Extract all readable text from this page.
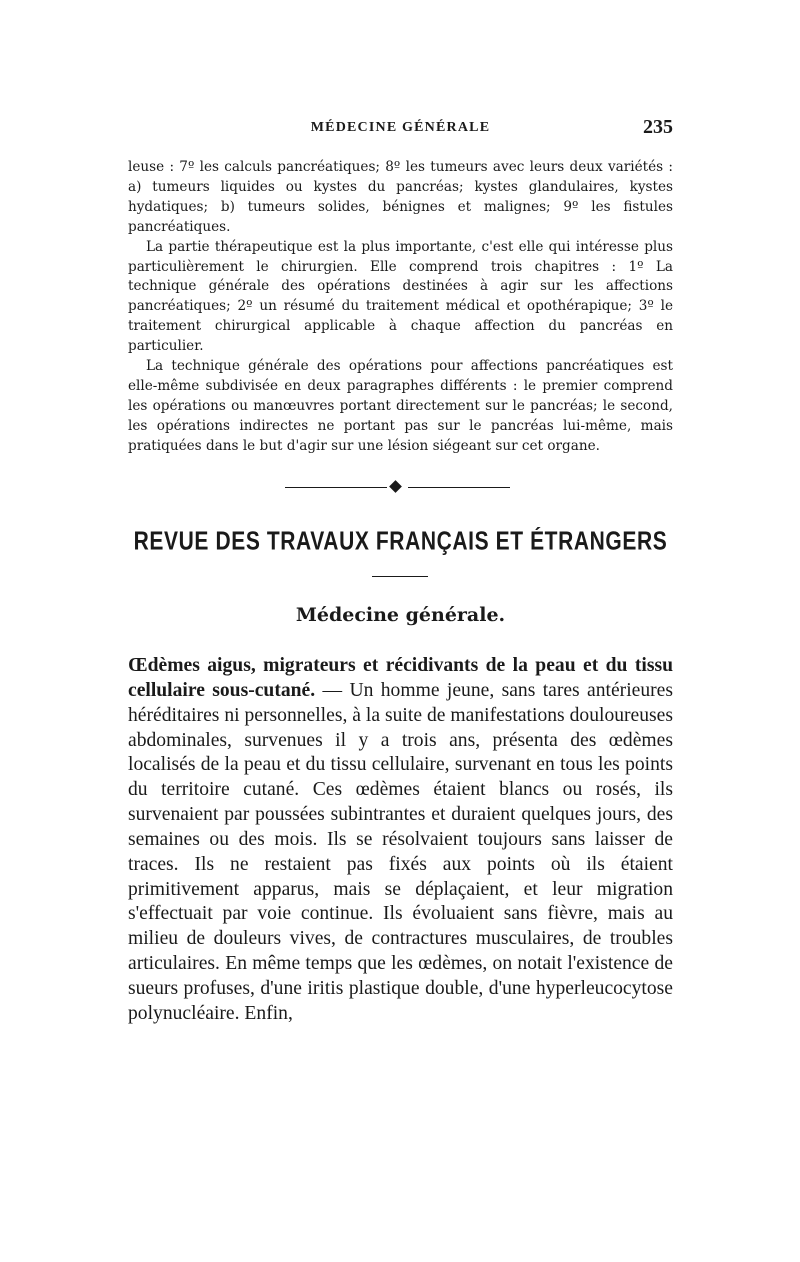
MÉDECINE GÉNÉRALE	235

leuse : 7º les calculs pancréatiques; 8º les tumeurs avec leurs deux variétés : a) tumeurs liquides ou kystes du pancréas; kystes glandulaires, kystes hydatiques; b) tumeurs solides, bénignes et malignes; 9º les fistules pancréatiques.

La partie thérapeutique est la plus importante, c'est elle qui intéresse plus particulièrement le chirurgien. Elle comprend trois chapitres : 1º La technique générale des opérations destinées à agir sur les affections pancréatiques; 2º un résumé du traitement médical et opothérapique; 3º le traitement chirurgical applicable à chaque affection du pancréas en particulier.

La technique générale des opérations pour affections pancréatiques est elle-même subdivisée en deux paragraphes différents : le premier comprend les opérations ou manœuvres portant directement sur le pancréas; le second, les opérations indirectes ne portant pas sur le pancréas lui-même, mais pratiquées dans le but d'agir sur une lésion siégeant sur cet organe.

REVUE DES TRAVAUX FRANÇAIS ET ÉTRANGERS
Médecine générale.

Œdèmes aigus, migrateurs et récidivants de la peau et du tissu cellulaire sous-cutané. — Un homme jeune, sans tares antérieures héréditaires ni personnelles, à la suite de manifestations douloureuses abdominales, survenues il y a trois ans, présenta des œdèmes localisés de la peau et du tissu cellulaire, survenant en tous les points du territoire cutané. Ces œdèmes étaient blancs ou rosés, ils survenaient par poussées subintrantes et duraient quelques jours, des semaines ou des mois. Ils se résolvaient toujours sans laisser de traces. Ils ne restaient pas fixés aux points où ils étaient primitivement apparus, mais se déplaçaient, et leur migration s'effectuait par voie continue. Ils évoluaient sans fièvre, mais au milieu de douleurs vives, de contractures musculaires, de troubles articulaires. En même temps que les œdèmes, on notait l'existence de sueurs profuses, d'une iritis plastique double, d'une hyperleucocytose polynucléaire. Enfin,
